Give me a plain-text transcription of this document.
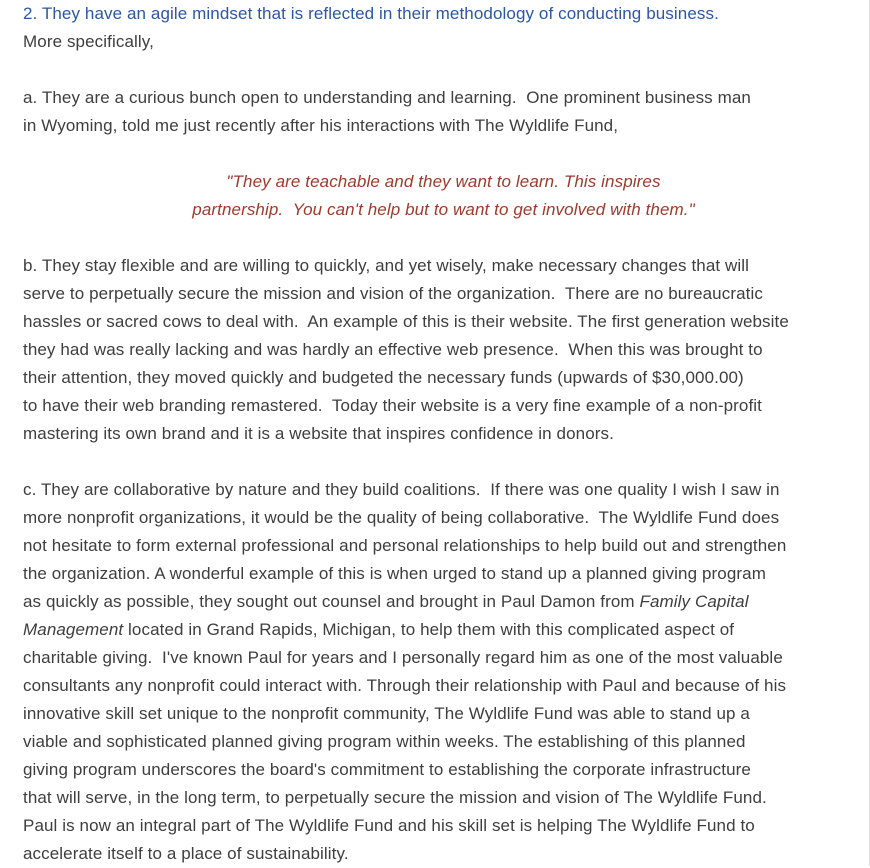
2. They have an agile mindset that is reflected in their methodology of conducting business.
More specifically,
a. They are a curious bunch open to understanding and learning.  One prominent business man
in Wyoming, told me just recently after his interactions with The Wyldlife Fund,
"They are teachable and they want to learn. This inspires
partnership.  You can't help but to want to get involved with them."
b. They stay flexible and are willing to quickly, and yet wisely, make necessary changes that will
serve to perpetually secure the mission and vision of the organization.  There are no bureaucratic
hassles or sacred cows to deal with.  An example of this is their website. The first generation website
they had was really lacking and was hardly an effective web presence.  When this was brought to
their attention, they moved quickly and budgeted the necessary funds (upwards of $30,000.00)
to have their web branding remastered.  Today their website is a very fine example of a non-profit
mastering its own brand and it is a website that inspires confidence in donors.
c. They are collaborative by nature and they build coalitions.  If there was one quality I wish I saw in
more nonprofit organizations, it would be the quality of being collaborative.  The Wyldlife Fund does
not hesitate to form external professional and personal relationships to help build out and strengthen
the organization. A wonderful example of this is when urged to stand up a planned giving program
as quickly as possible, they sought out counsel and brought in Paul Damon from Family Capital
Management located in Grand Rapids, Michigan, to help them with this complicated aspect of
charitable giving.  I've known Paul for years and I personally regard him as one of the most valuable
consultants any nonprofit could interact with. Through their relationship with Paul and because of his
innovative skill set unique to the nonprofit community, The Wyldlife Fund was able to stand up a
viable and sophisticated planned giving program within weeks. The establishing of this planned
giving program underscores the board's commitment to establishing the corporate infrastructure
that will serve, in the long term, to perpetually secure the mission and vision of The Wyldlife Fund.
Paul is now an integral part of The Wyldlife Fund and his skill set is helping The Wyldlife Fund to
accelerate itself to a place of sustainability.
